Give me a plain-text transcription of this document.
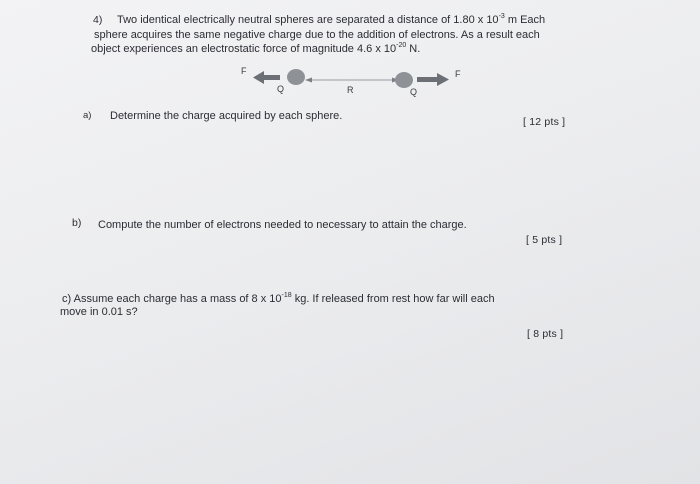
4) Two identical electrically neutral spheres are separated a distance of 1.80 x $10^{-3}$ m Each
sphere acquires the same negative charge due to the addition of electrons. As a result each
object experiences an electrostatic force of magnitude 4.6 x $10^{-20}$ N.
F	F
Q	Q
R
a) Determine the charge acquired by each sphere.	[ 12 pts ]
b) Compute the number of electrons needed to necessary to attain the charge.
[ 5 pts ]
c) Assume each charge has a mass of 8 x $10^{-18}$ kg. If released from rest how far will each
move in 0.01 s?
[ 8 pts ]
